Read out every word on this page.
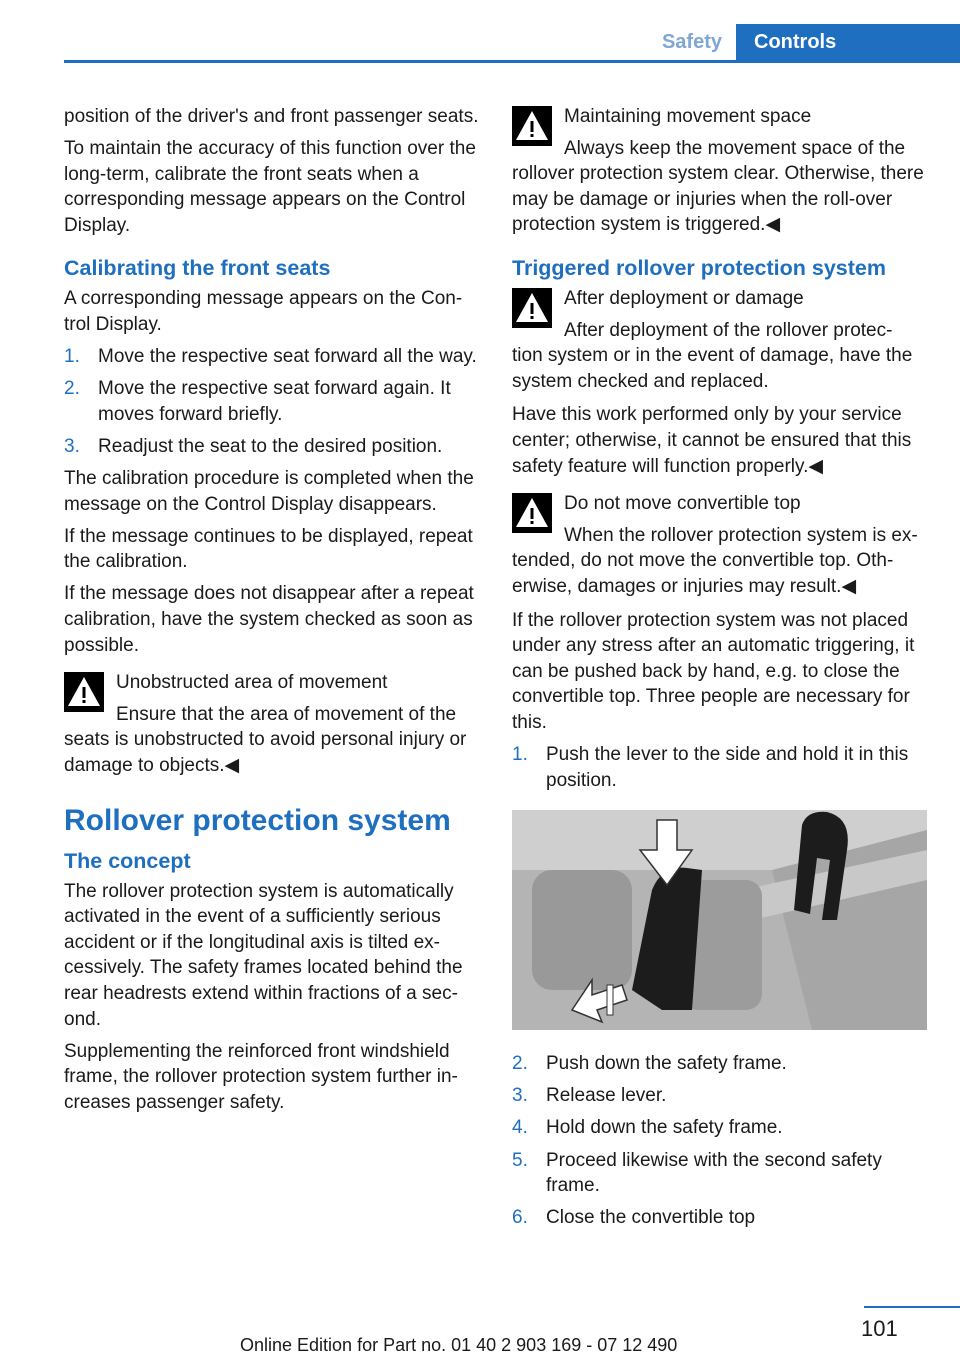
Safety	Controls

position of the driver's and front passenger seats.

To maintain the accuracy of this function over the long-term, calibrate the front seats when a corresponding message appears on the Control Display.

Calibrating the front seats

A corresponding message appears on the Con‐trol Display.

1. Move the respective seat forward all the way.
2. Move the respective seat forward again. It moves forward briefly.
3. Readjust the seat to the desired position.

The calibration procedure is completed when the message on the Control Display disappears.

If the message continues to be displayed, repeat the calibration.

If the message does not disappear after a repeat calibration, have the system checked as soon as possible.

Unobstructed area of movement
Ensure that the area of movement of the
seats is unobstructed to avoid personal injury or damage to objects.◀
Rollover protection system
The concept

The rollover protection system is automatically activated in the event of a sufficiently serious accident or if the longitudinal axis is tilted ex‐cessively. The safety frames located behind the rear headrests extend within fractions of a sec‐ond.

Supplementing the reinforced front windshield frame, the rollover protection system further in‐creases passenger safety.

Maintaining movement space
Always keep the movement space of the
rollover protection system clear. Otherwise, there may be damage or injuries when the roll‐over protection system is triggered.◀
Triggered rollover protection system
After deployment or damage
After deployment of the rollover protec‐
tion system or in the event of damage, have the system checked and replaced.

Have this work performed only by your service center; otherwise, it cannot be ensured that this safety feature will function properly.◀

Do not move convertible top
When the rollover protection system is ex‐
tended, do not move the convertible top. Oth‐erwise, damages or injuries may result.◀

If the rollover protection system was not placed under any stress after an automatic triggering, it can be pushed back by hand, e.g. to close the convertible top. Three people are necessary for this.

1. Push the lever to the side and hold it in this position.
2. Push down the safety frame.
3. Release lever.
4. Hold down the safety frame.
5. Proceed likewise with the second safety frame.
6. Close the convertible top
101
Online Edition for Part no. 01 40 2 903 169 - 07 12 490
